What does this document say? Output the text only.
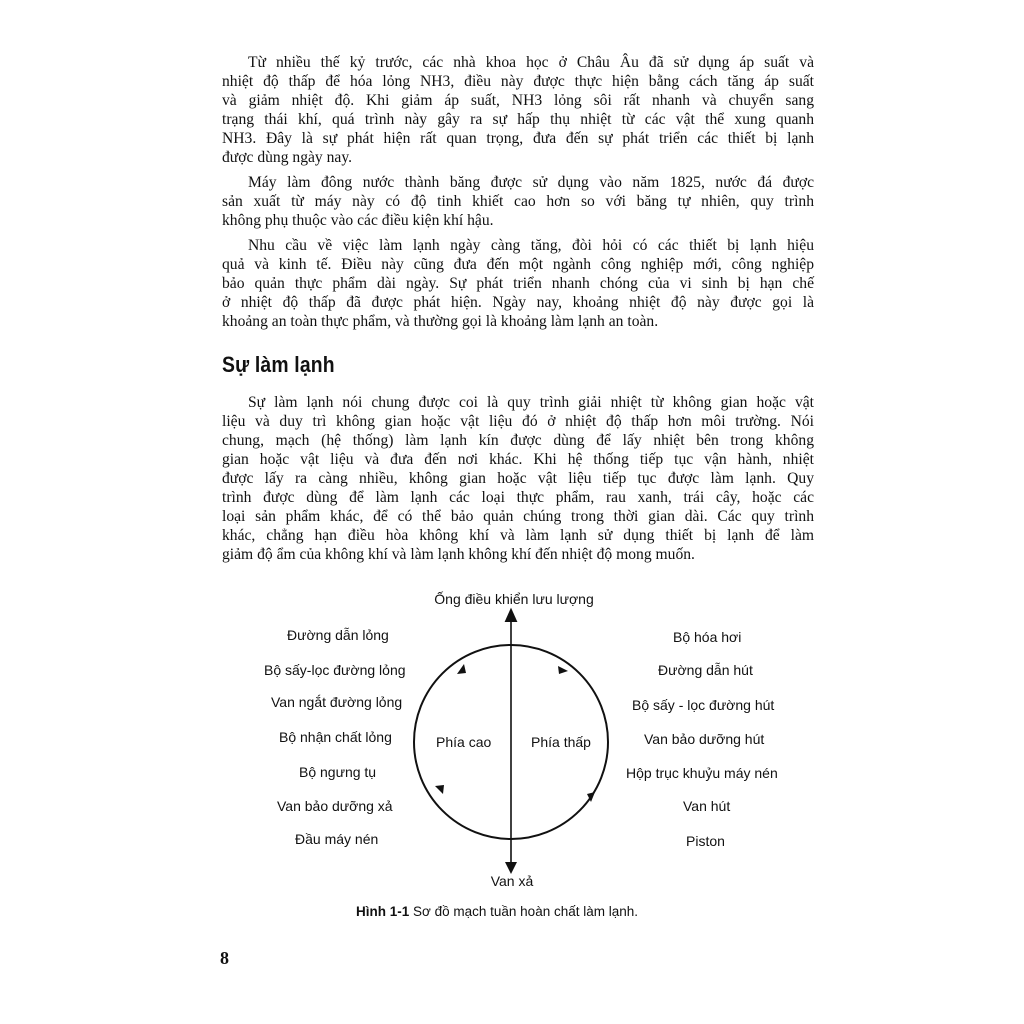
Từ nhiều thế kỷ trước, các nhà khoa học ở Châu Âu đã sử dụng áp suất và
nhiệt độ thấp để hóa lỏng NH3, điều này được thực hiện bằng cách tăng áp suất
và giảm nhiệt độ. Khi giảm áp suất, NH3 lỏng sôi rất nhanh và chuyển sang
trạng thái khí, quá trình này gây ra sự hấp thụ nhiệt từ các vật thể xung quanh
NH3. Đây là sự phát hiện rất quan trọng, đưa đến sự phát triển các thiết bị lạnh
được dùng ngày nay.
Máy làm đông nước thành băng được sử dụng vào năm 1825, nước đá được
sản xuất từ máy này có độ tinh khiết cao hơn so với băng tự nhiên, quy trình
không phụ thuộc vào các điều kiện khí hậu.
Nhu cầu về việc làm lạnh ngày càng tăng, đòi hỏi có các thiết bị lạnh hiệu
quả và kinh tế. Điều này cũng đưa đến một ngành công nghiệp mới, công nghiệp
bảo quản thực phẩm dài ngày. Sự phát triển nhanh chóng của vi sinh bị hạn chế
ở nhiệt độ thấp đã được phát hiện. Ngày nay, khoảng nhiệt độ này được gọi là
khoảng an toàn thực phẩm, và thường gọi là khoảng làm lạnh an toàn.
Sự làm lạnh
Sự làm lạnh nói chung được coi là quy trình giải nhiệt từ không gian hoặc vật
liệu và duy trì không gian hoặc vật liệu đó ở nhiệt độ thấp hơn môi trường. Nói
chung, mạch (hệ thống) làm lạnh kín được dùng để lấy nhiệt bên trong không
gian hoặc vật liệu và đưa đến nơi khác. Khi hệ thống tiếp tục vận hành, nhiệt
được lấy ra càng nhiều, không gian hoặc vật liệu tiếp tục được làm lạnh. Quy
trình được dùng để làm lạnh các loại thực phẩm, rau xanh, trái cây, hoặc các
loại sản phẩm khác, để có thể bảo quản chúng trong thời gian dài. Các quy trình
khác, chẳng hạn điều hòa không khí và làm lạnh sử dụng thiết bị lạnh để làm
giảm độ ẩm của không khí và làm lạnh không khí đến nhiệt độ mong muốn.
Ống điều khiển lưu lượng
Van xả
Phía cao	Phía thấp
Đường dẫn lỏng
Bộ sấy-lọc đường lỏng
Van ngắt đường lỏng
Bộ nhận chất lỏng
Bộ ngưng tụ
Van bảo dưỡng xả
Đầu máy nén
Bộ hóa hơi
Đường dẫn hút
Bộ sấy - lọc đường hút
Van bảo dưỡng hút
Hộp trục khuỷu máy nén
Van hút
Piston
Hình 1-1 Sơ đồ mạch tuần hoàn chất làm lạnh.
8
